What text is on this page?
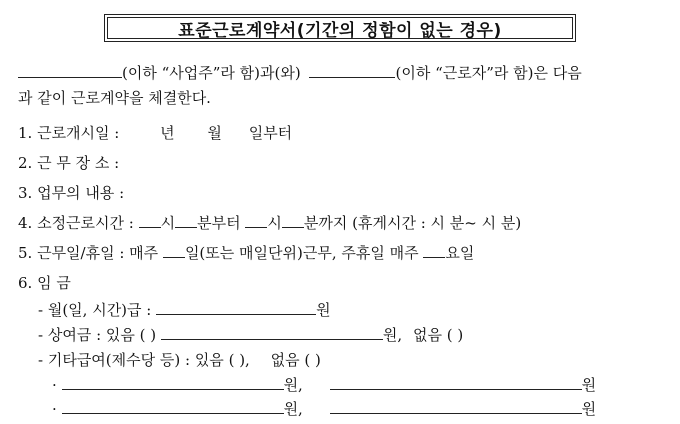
표준근로계약서(기간의 정함이 없는 경우)
(이하 “사업주”라 함)과(와)	(이하 “근로자”라 함)은 다음
과 같이 근로계약을 체결한다.
1. 근로개시일 :	년 월 일부터
2. 근 무 장 소 :
3. 업무의 내용 :
4. 소정근로시간 : 시 분부터 시 분까지 (휴게시간 : 시 분~ 시 분)
5. 근무일/휴일 : 매주 일(또는 매일단위)근무, 주휴일 매주 요일
6. 임 금
- 월(일, 시간)급 :	원
- 상여금 : 있음 ( )	원, 없음 ( )
- 기타급여(제수당 등) : 있음 ( ), 없음 ( )
·	원,	원
·	원,	원
